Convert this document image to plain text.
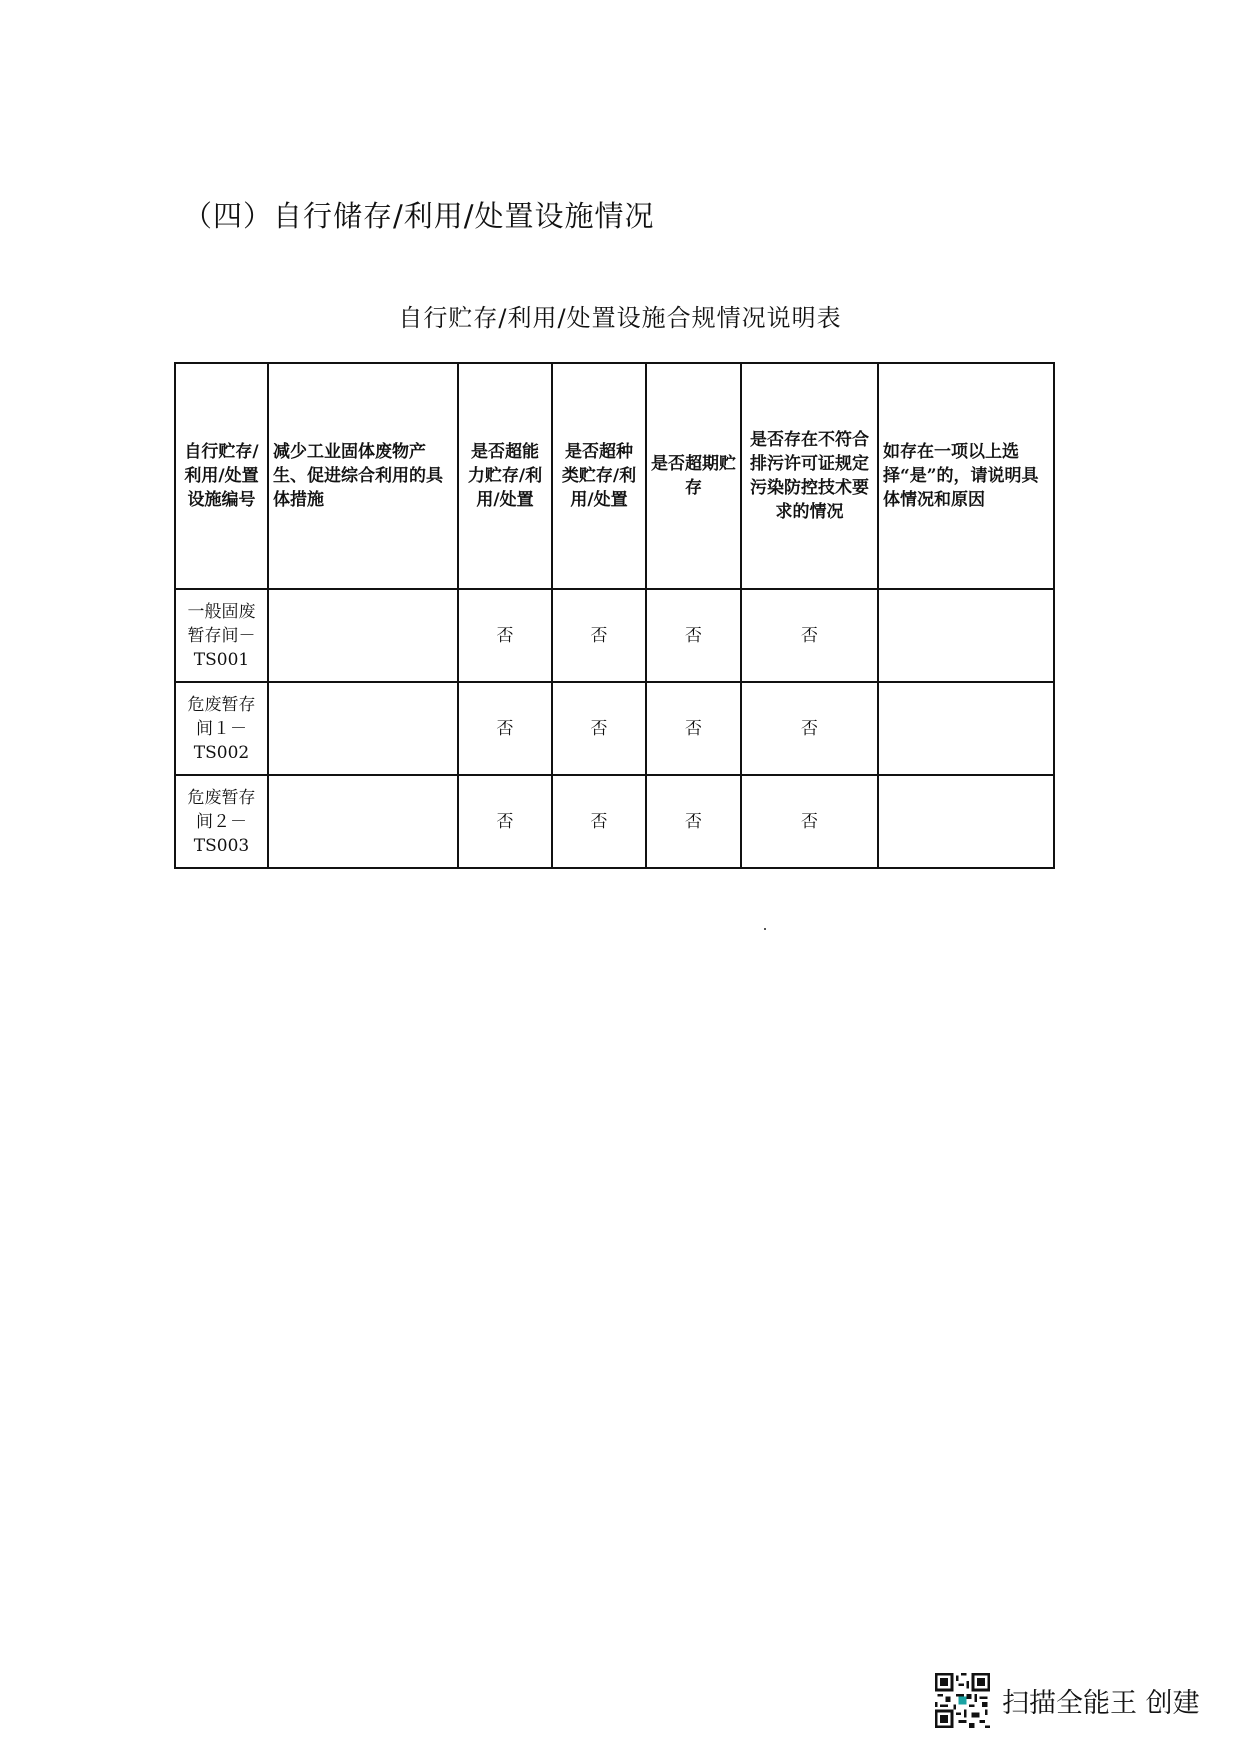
（四）自行储存/利用/处置设施情况
自行贮存/利用/处置设施合规情况说明表
自行贮存/利用/处置设施编号	减少工业固体废物产生、促进综合利用的具体措施	是否超能力贮存/利用/处置	是否超种类贮存/利用/处置	是否超期贮存	是否存在不符合排污许可证规定污染防控技术要求的情况	如存在一项以上选择“是”的，请说明具体情况和原因
一般固废暂存间－TS001		否	否	否	否	
危废暂存间１－TS002		否	否	否	否	
危废暂存间２－TS003		否	否	否	否	
扫描全能王 创建
